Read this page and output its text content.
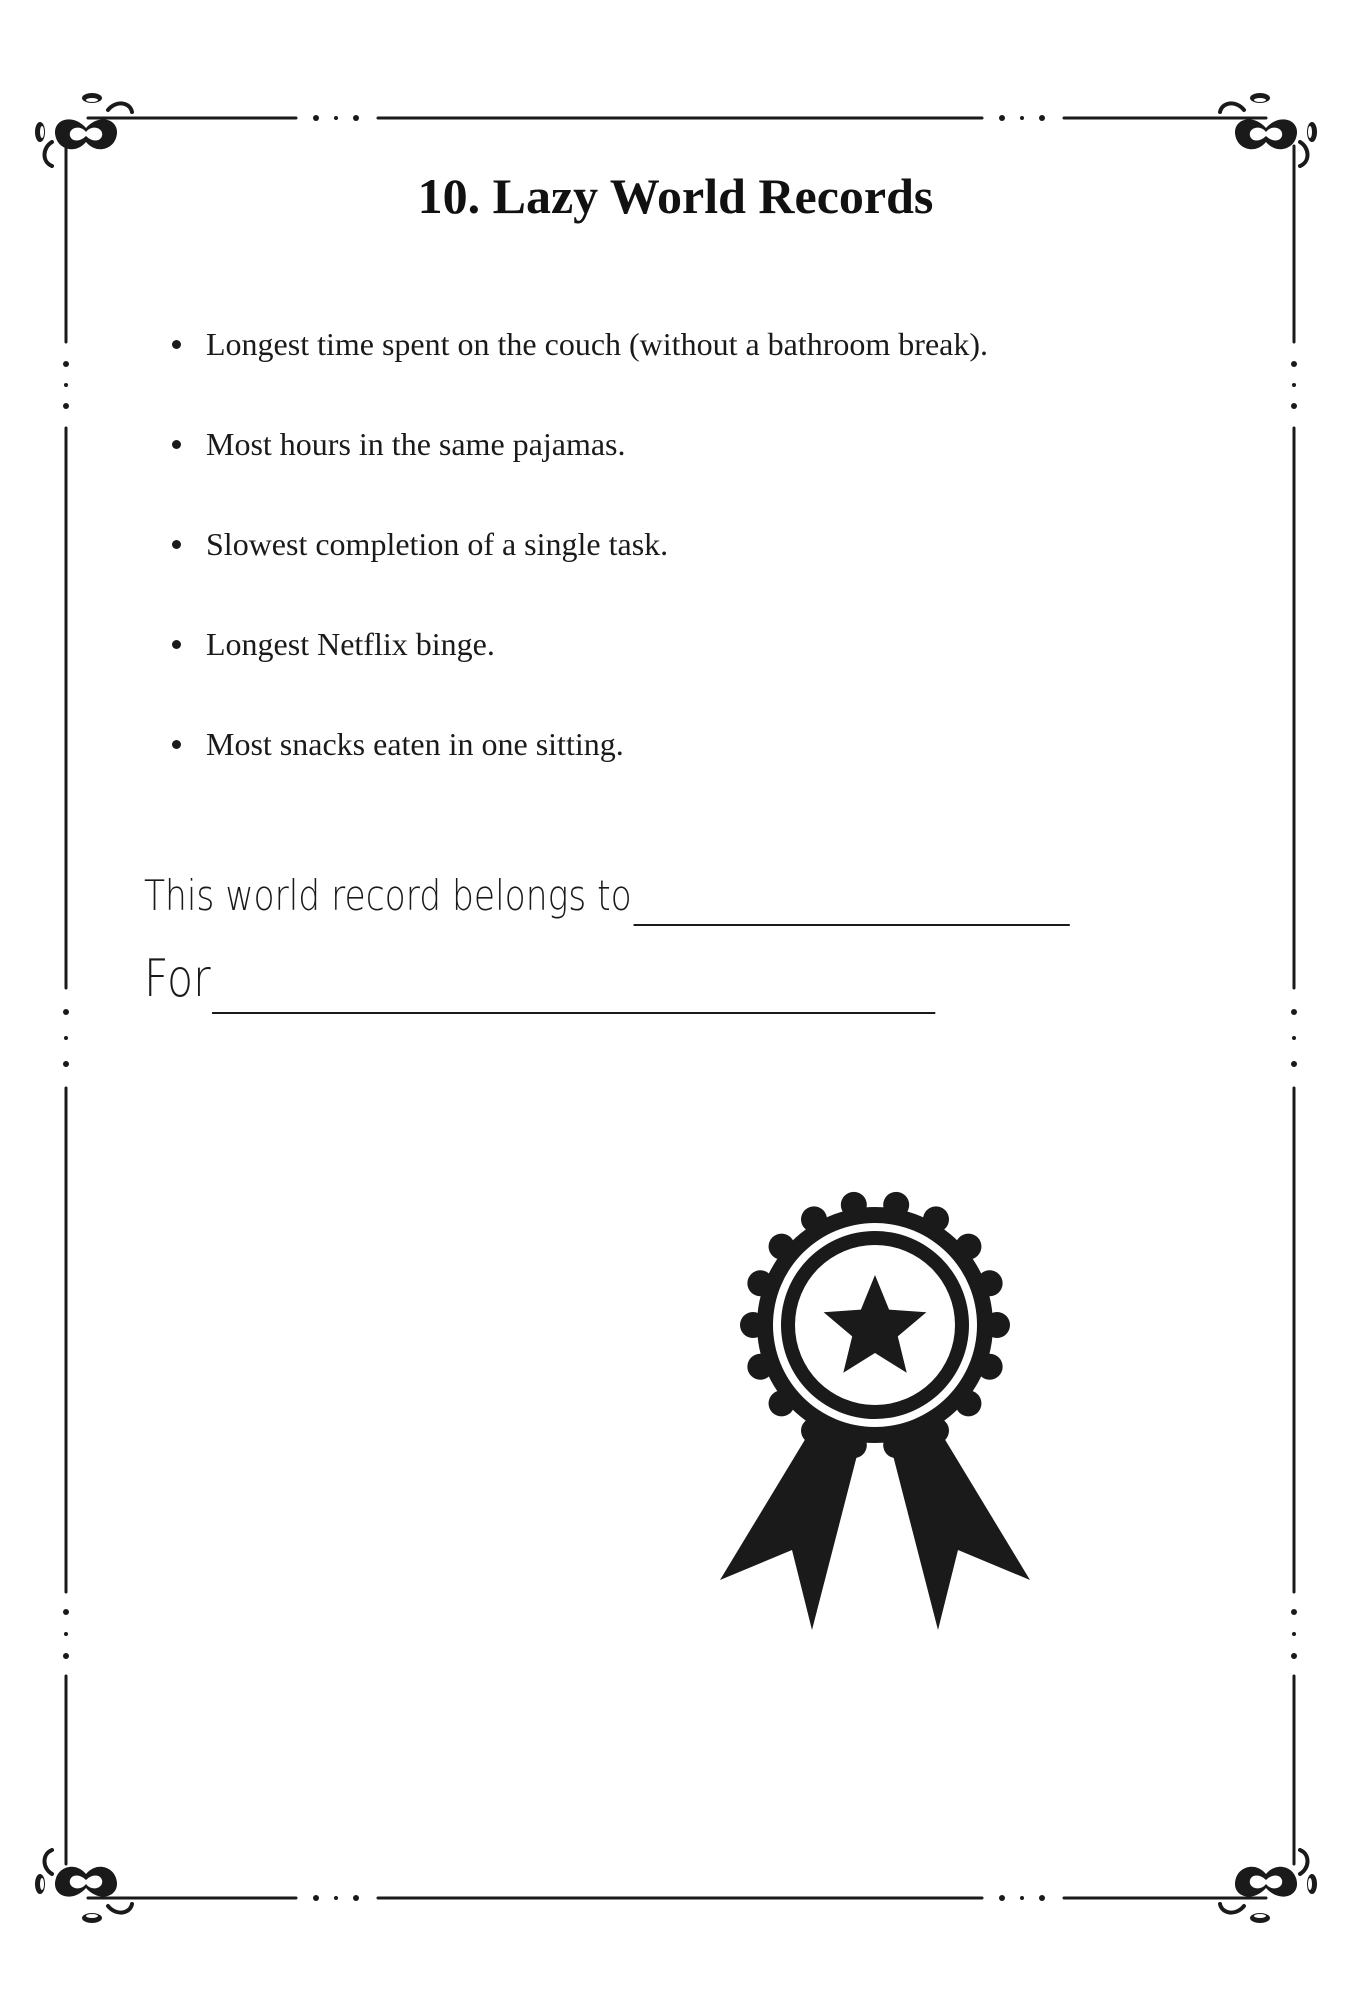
10. Lazy World Records
Longest time spent on the couch (without a bathroom break).
Most hours in the same pajamas.
Slowest completion of a single task.
Longest Netflix binge.
Most snacks eaten in one sitting.
This world record belongs to
For
